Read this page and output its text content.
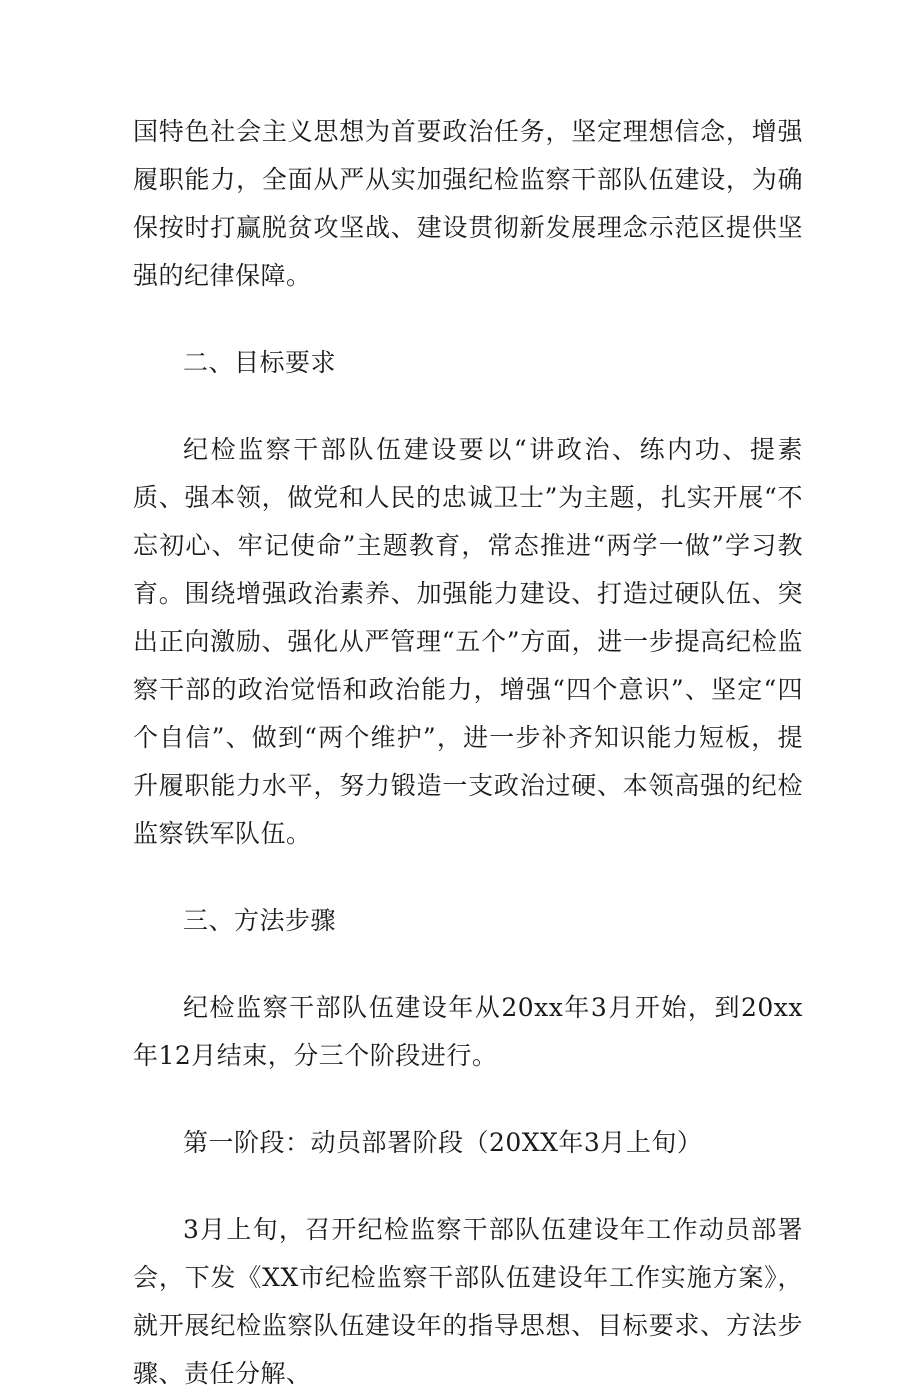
国特色社会主义思想为首要政治任务，坚定理想信念，增强履职能力，全面从严从实加强纪检监察干部队伍建设，为确保按时打赢脱贫攻坚战、建设贯彻新发展理念示范区提供坚强的纪律保障。

二、目标要求

纪检监察干部队伍建设要以“讲政治、练内功、提素质、强本领，做党和人民的忠诚卫士”为主题，扎实开展“不忘初心、牢记使命”主题教育，常态推进“两学一做”学习教育。围绕增强政治素养、加强能力建设、打造过硬队伍、突出正向激励、强化从严管理“五个”方面，进一步提高纪检监察干部的政治觉悟和政治能力，增强“四个意识”、坚定“四个自信”、做到“两个维护”，进一步补齐知识能力短板，提升履职能力水平，努力锻造一支政治过硬、本领高强的纪检监察铁军队伍。

三、方法步骤

纪检监察干部队伍建设年从20xx年3月开始，到20xx年12月结束，分三个阶段进行。

第一阶段：动员部署阶段（20XX年3月上旬）

3月上旬，召开纪检监察干部队伍建设年工作动员部署会，下发《XX市纪检监察干部队伍建设年工作实施方案》，就开展纪检监察队伍建设年的指导思想、目标要求、方法步骤、责任分解、
